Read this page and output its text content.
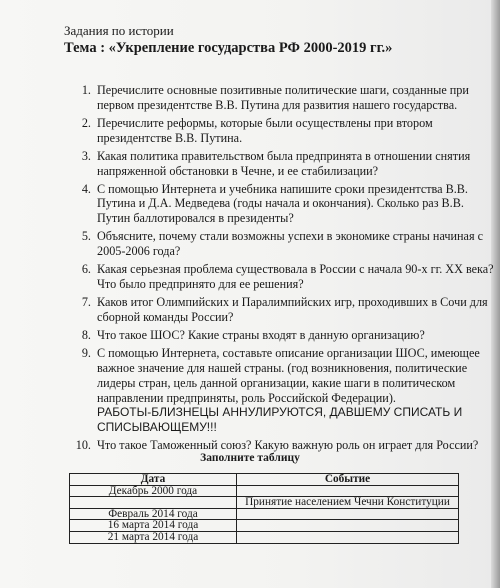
Задания по истории
Тема : «Укрепление государства РФ 2000-2019 гг.»
1. Перечислите основные позитивные политические шаги, созданные при первом президентстве В.В. Путина для развития нашего государства.
2. Перечислите реформы, которые были осуществлены при втором президентстве В.В. Путина.
3. Какая политика правительством была предпринята в отношении снятия напряженной обстановки в Чечне, и ее стабилизации?
4. С помощью Интернета и учебника напишите сроки президентства В.В. Путина и Д.А. Медведева (годы начала и окончания). Сколько раз В.В. Путин баллотировался в президенты?
5. Объясните, почему стали возможны успехи в экономике страны начиная с 2005-2006 года?
6. Какая серьезная проблема существовала в России с начала 90-х гг. XX века? Что было предпринято для ее решения?
7. Каков итог Олимпийских и Паралимпийских игр, проходивших в Сочи для сборной команды России?
8. Что такое ШОС? Какие страны входят в данную организацию?
9. С помощью Интернета, составьте описание организации ШОС, имеющее важное значение для нашей страны. (год возникновения, политические лидеры стран, цель данной организации, какие шаги в политическом направлении предприняты, роль Российской Федерации).
РАБОТЫ-БЛИЗНЕЦЫ АННУЛИРУЮТСЯ, ДАВШЕМУ СПИСАТЬ И СПИСЫВАЮЩЕМУ!!!
10. Что такое Таможенный союз? Какую важную роль он играет для России?
Заполните таблицу
Дата	Событие
Декабрь 2000 года	
	Принятие населением Чечни Конституции
Февраль 2014 года	
16 марта 2014 года	
21 марта 2014 года	
